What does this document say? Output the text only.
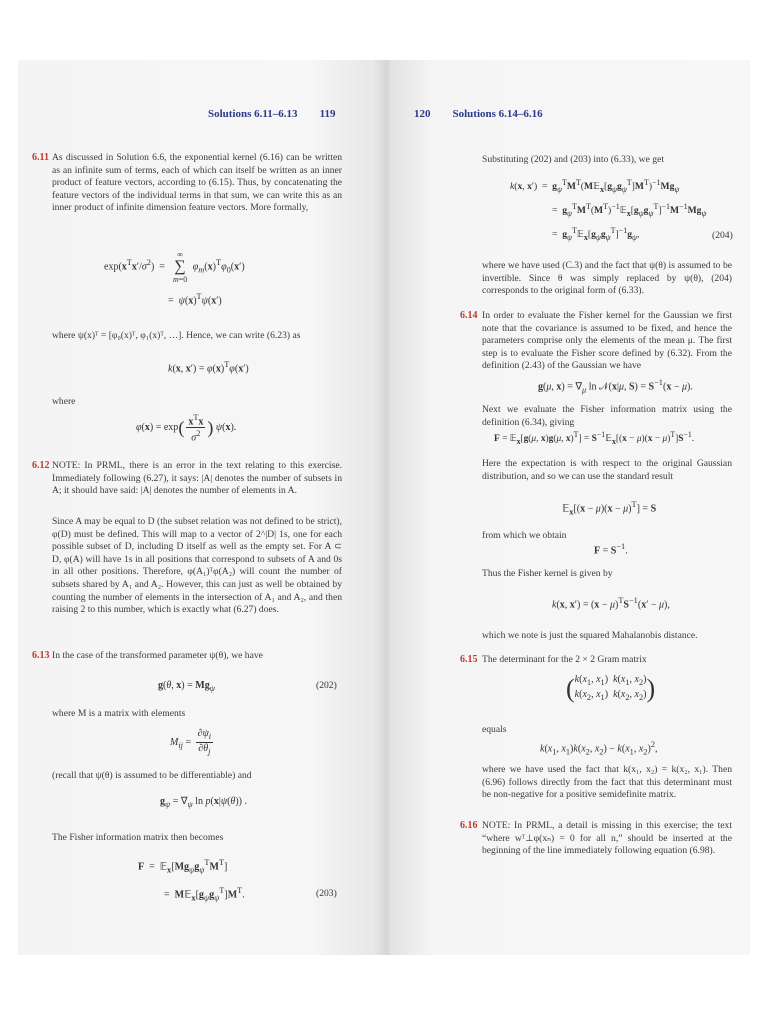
Solutions 6.11–6.13 119
6.11 As discussed in Solution 6.6, the exponential kernel (6.16) can be written as an infinite sum of terms, each of which can itself be written as an inner product of feature vectors, according to (6.15). Thus, by concatenating the feature vectors of the individual terms in that sum, we can write this as an inner product of infinite dimension feature vectors. More formally,
$\exp(x^Tx'/\sigma^2)$  =  ∞
∑
m=0 $\varphi_m(x)^T\varphi_0(x')$
=  $\psi(x)^T\psi(x')$
where ψ(x)ᵀ = [φ₀(x)ᵀ, φ₁(x)ᵀ, …]. Hence, we can write (6.23) as
k(x, $x') = \varphi(x)^T\varphi(x')$
where
$\varphi(x) = \exp( \frac{x^Tx}{\sigma^2}$ ) ψ(x).
6.12 NOTE: In PRML, there is an error in the text relating to this exercise. Immediately following (6.27), it says: |A| denotes the number of subsets in A; it should have said: |A| denotes the number of elements in A.
Since A may be equal to D (the subset relation was not defined to be strict), φ(D) must be defined. This will map to a vector of 2^|D| 1s, one for each possible subset of D, including D itself as well as the empty set. For A ⊂ D, φ(A) will have 1s in all positions that correspond to subsets of A and 0s in all other positions. Therefore, φ(A₁)ᵀφ(A₂) will count the number of subsets shared by A₁ and A₂. However, this can just as well be obtained by counting the number of elements in the intersection of A₁ and A₂, and then raising 2 to this number, which is exactly what (6.27) does.
6.13 In the case of the transformed parameter ψ(θ), we have
g(θ, $x) = Mg_\psi$	(202)
where M is a matrix with elements
$M_{ij} = \frac{\partial\psi_i}{\partial\theta_j}$
(recall that ψ(θ) is assumed to be differentiable) and
$g_\psi = \nabla_\psi$ ln p(x|ψ(θ)) .
The Fisher information matrix then becomes
$F = 𝔼_x[Mg_\psi g_\psi^TM^T]$
=  $M𝔼_x[g_\psi g_\psi^T]M^T$.	(203)
120 Solutions 6.14–6.16
Substituting (202) and (203) into (6.33), we get
k(x, $x') = g_\psi^TM^T(M𝔼_x[g_\psi g_\psi^T]M^T)^{-1}Mg_\psi$
=  $g_\psi^TM^T(M^T)^{-1}𝔼_x[g_\psi g_\psi^T]^{-1}M^{-1}Mg_\psi$
=  $g_\psi^T𝔼_x[g_\psi g_\psi^T]^{-1}g_\psi$,	(204)
where we have used (C.3) and the fact that ψ(θ) is assumed to be invertible. Since θ was simply replaced by ψ(θ), (204) corresponds to the original form of (6.33).
6.14 In order to evaluate the Fisher kernel for the Gaussian we first note that the covariance is assumed to be fixed, and hence the parameters comprise only the elements of the mean μ. The first step is to evaluate the Fisher score defined by (6.32). From the definition (2.43) of the Gaussian we have
g(μ, $x) = \nabla_\mu$ ln 𝒩(x|μ, $S) = S^{-1}(x - \mu)$.
Next we evaluate the Fisher information matrix using the definition (6.34), giving
F = 𝔼$_x$[g(μ, x)g(μ, $x)^T] = S^{-1}𝔼_x[(x - \mu)(x - \mu)^T]S^{-1}$.
Here the expectation is with respect to the original Gaussian distribution, and so we can use the standard result
𝔼$_x$[(x − $\mu)(x - \mu)^T] = S$
from which we obtain
$F = S^{-1}$.
Thus the Fisher kernel is given by
k(x, $x') = (x - \mu)^TS^{-1}(x' - \mu)$,
which we note is just the squared Mahalanobis distance.
6.15 The determinant for the 2 × 2 Gram matrix
($k(x_1$, $x_1$)  $k(x_1$, $x_2$)
$k(x_2$, $x_1$)  $k(x_2$, $x_2$))
equals
$k(x_1$, $x_1)k(x_2$, $x_2) - k(x_1$, $x_2)^2$,
where we have used the fact that k(x₁, x₂) = k(x₂, x₁). Then (6.96) follows directly from the fact that this determinant must be non-negative for a positive semidefinite matrix.
6.16 NOTE: In PRML, a detail is missing in this exercise; the text “where wᵀ⊥φ(xₙ) = 0 for all n,” should be inserted at the beginning of the line immediately following equation (6.98).
